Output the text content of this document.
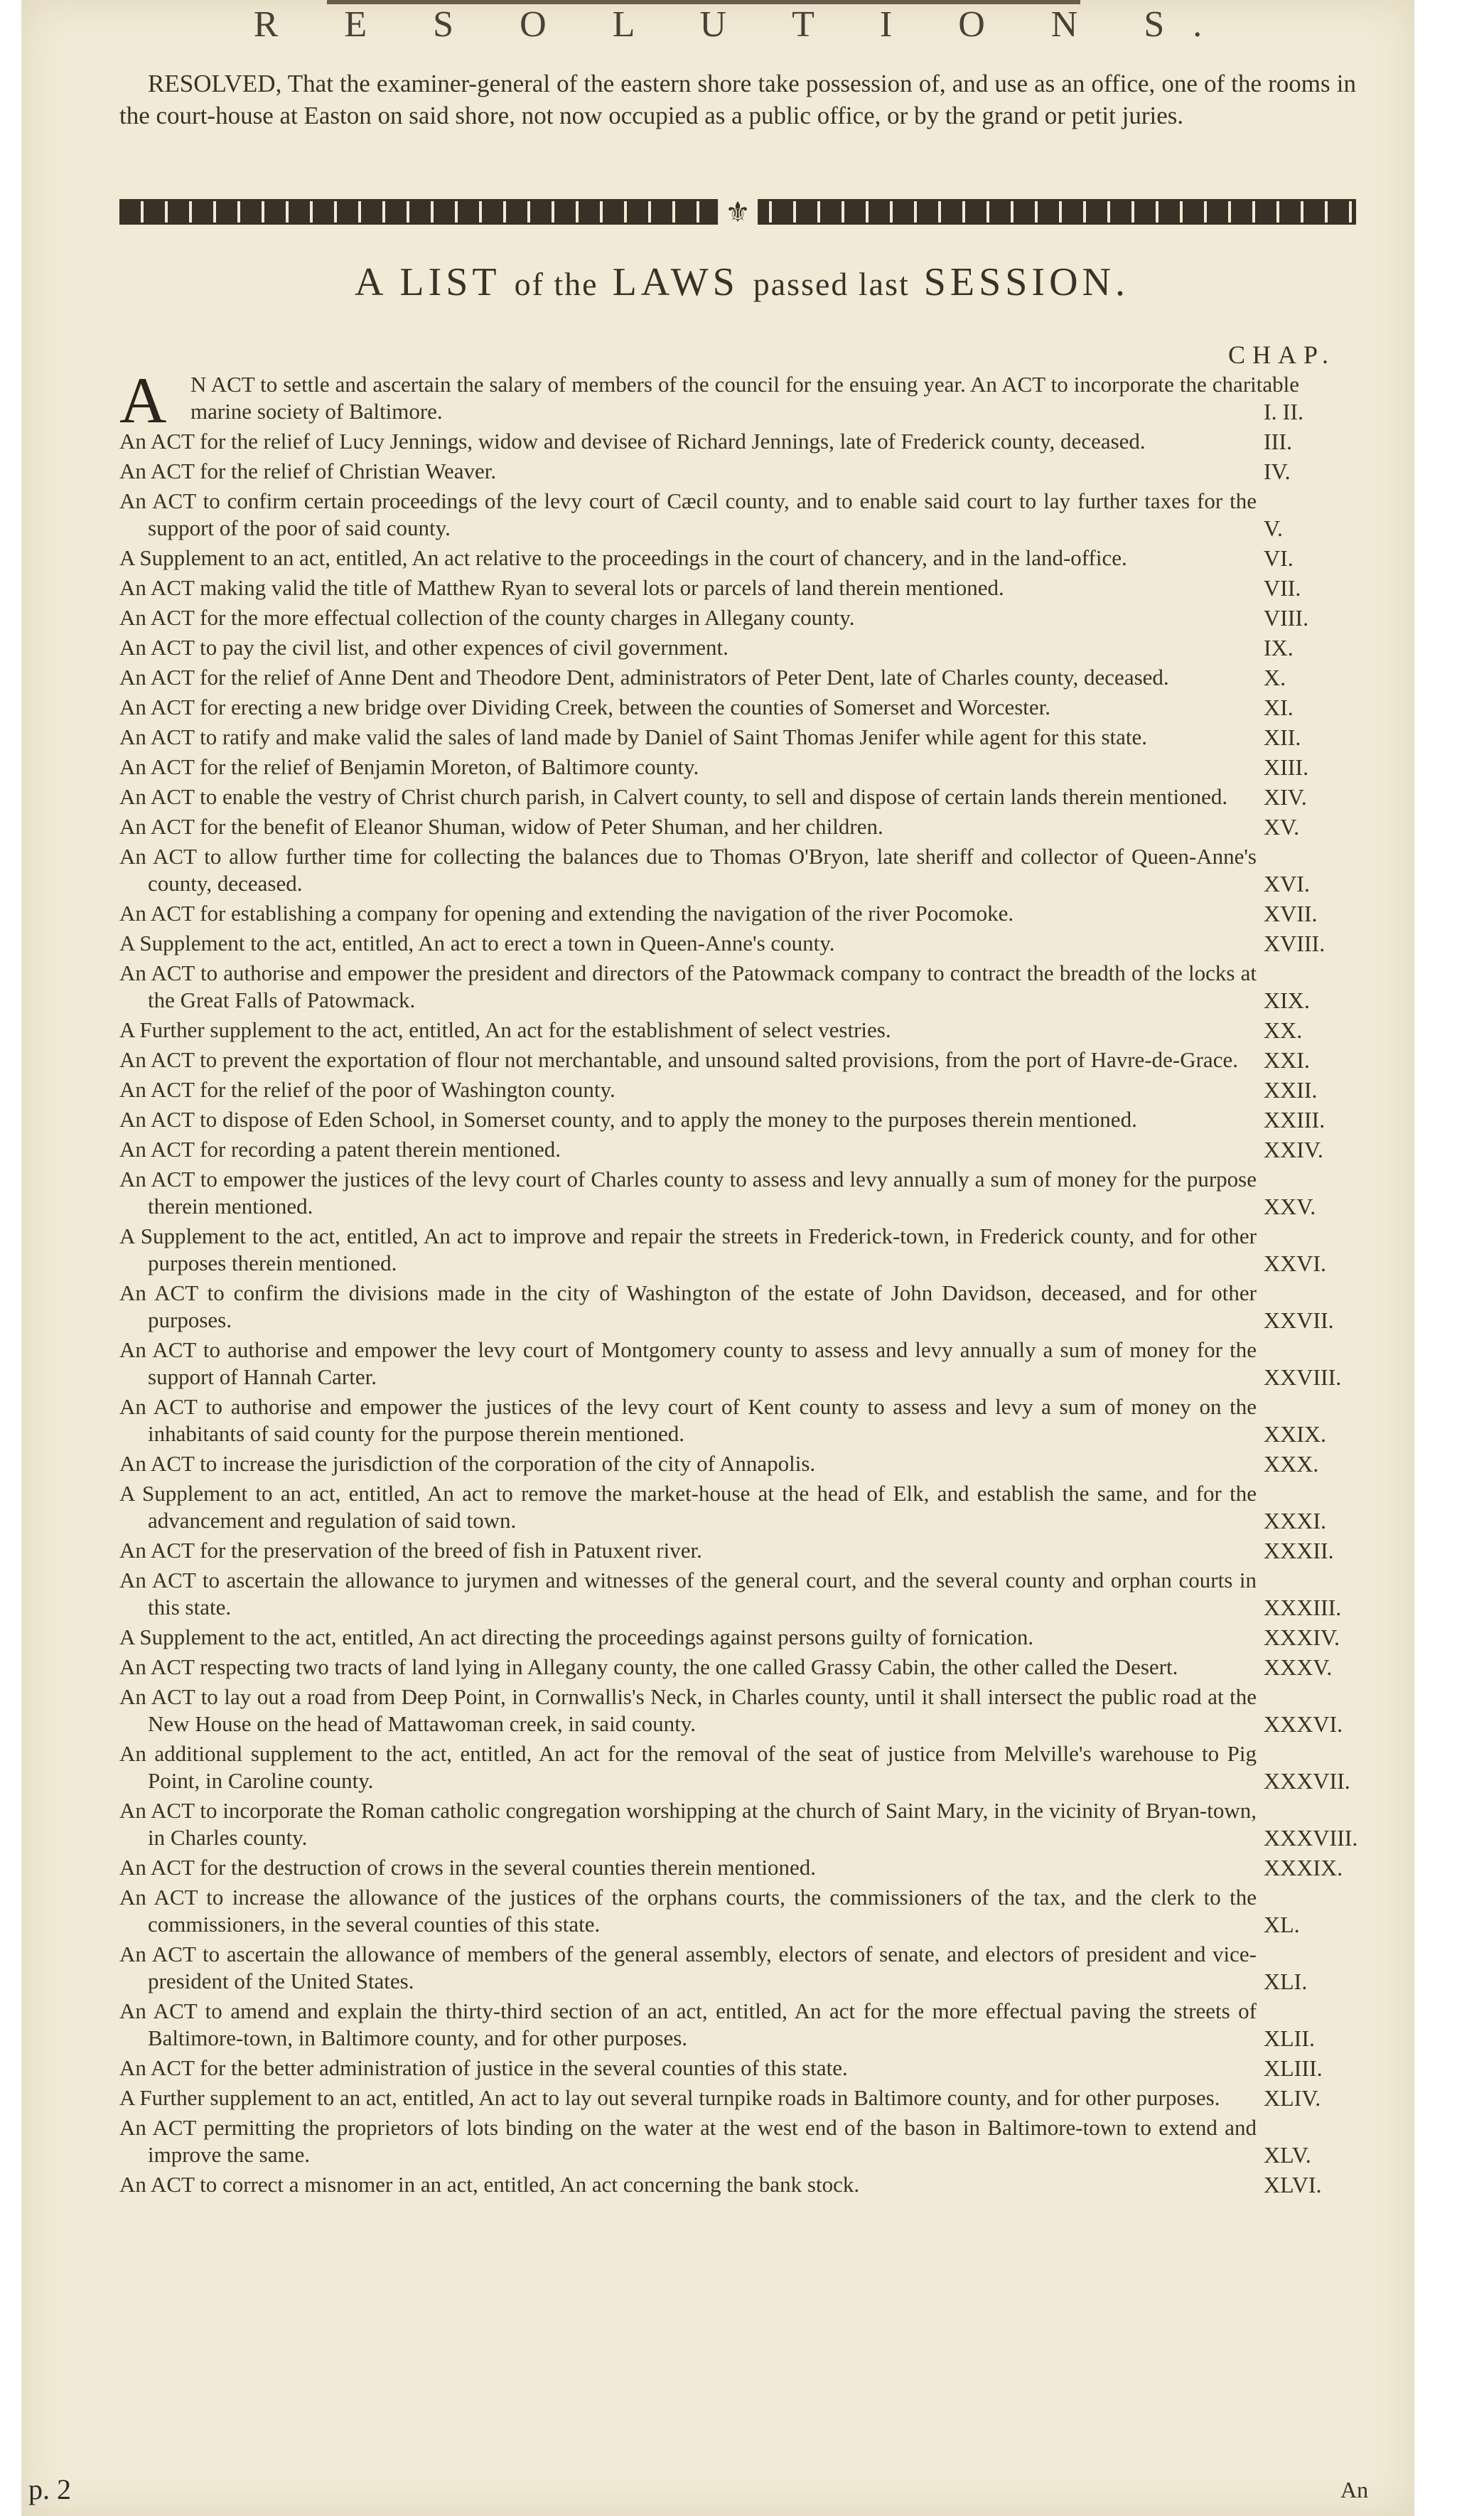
R E S O L U T I O N S.
RESOLVED, That the examiner-general of the eastern shore take possession of, and use as an office, one of the rooms in the court-house at Easton on said shore, not now occupied as a public office, or by the grand or petit juries.
⚜
A LIST of the LAWS passed last SESSION.
CHAP.
A	N ACT to settle and ascertain the salary of members of the council for the ensuing year. An ACT to incorporate the charitable marine society of Baltimore.	I. II.
An ACT for the relief of Lucy Jennings, widow and devisee of Richard Jennings, late of Frederick county, deceased.	III.
An ACT for the relief of Christian Weaver.	IV.
An ACT to confirm certain proceedings of the levy court of Cæcil county, and to enable said court to lay further taxes for the support of the poor of said county.	V.
A Supplement to an act, entitled, An act relative to the proceedings in the court of chancery, and in the land-office.	VI.
An ACT making valid the title of Matthew Ryan to several lots or parcels of land therein mentioned.	VII.
An ACT for the more effectual collection of the county charges in Allegany county.	VIII.
An ACT to pay the civil list, and other expences of civil government.	IX.
An ACT for the relief of Anne Dent and Theodore Dent, administrators of Peter Dent, late of Charles county, deceased.	X.
An ACT for erecting a new bridge over Dividing Creek, between the counties of Somerset and Worcester.	XI.
An ACT to ratify and make valid the sales of land made by Daniel of Saint Thomas Jenifer while agent for this state.	XII.
An ACT for the relief of Benjamin Moreton, of Baltimore county.	XIII.
An ACT to enable the vestry of Christ church parish, in Calvert county, to sell and dispose of certain lands therein mentioned.	XIV.
An ACT for the benefit of Eleanor Shuman, widow of Peter Shuman, and her children.	XV.
An ACT to allow further time for collecting the balances due to Thomas O'Bryon, late sheriff and collector of Queen-Anne's county, deceased.	XVI.
An ACT for establishing a company for opening and extending the navigation of the river Pocomoke.	XVII.
A Supplement to the act, entitled, An act to erect a town in Queen-Anne's county.	XVIII.
An ACT to authorise and empower the president and directors of the Patowmack company to contract the breadth of the locks at the Great Falls of Patowmack.	XIX.
A Further supplement to the act, entitled, An act for the establishment of select vestries.	XX.
An ACT to prevent the exportation of flour not merchantable, and unsound salted provisions, from the port of Havre-de-Grace.	XXI.
An ACT for the relief of the poor of Washington county.	XXII.
An ACT to dispose of Eden School, in Somerset county, and to apply the money to the purposes therein mentioned.	XXIII.
An ACT for recording a patent therein mentioned.	XXIV.
An ACT to empower the justices of the levy court of Charles county to assess and levy annually a sum of money for the purpose therein mentioned.	XXV.
A Supplement to the act, entitled, An act to improve and repair the streets in Frederick-town, in Frederick county, and for other purposes therein mentioned.	XXVI.
An ACT to confirm the divisions made in the city of Washington of the estate of John Davidson, deceased, and for other purposes.	XXVII.
An ACT to authorise and empower the levy court of Montgomery county to assess and levy annually a sum of money for the support of Hannah Carter.	XXVIII.
An ACT to authorise and empower the justices of the levy court of Kent county to assess and levy a sum of money on the inhabitants of said county for the purpose therein mentioned.	XXIX.
An ACT to increase the jurisdiction of the corporation of the city of Annapolis.	XXX.
A Supplement to an act, entitled, An act to remove the market-house at the head of Elk, and establish the same, and for the advancement and regulation of said town.	XXXI.
An ACT for the preservation of the breed of fish in Patuxent river.	XXXII.
An ACT to ascertain the allowance to jurymen and witnesses of the general court, and the several county and orphan courts in this state.	XXXIII.
A Supplement to the act, entitled, An act directing the proceedings against persons guilty of fornication.	XXXIV.
An ACT respecting two tracts of land lying in Allegany county, the one called Grassy Cabin, the other called the Desert.	XXXV.
An ACT to lay out a road from Deep Point, in Cornwallis's Neck, in Charles county, until it shall intersect the public road at the New House on the head of Mattawoman creek, in said county.	XXXVI.
An additional supplement to the act, entitled, An act for the removal of the seat of justice from Melville's warehouse to Pig Point, in Caroline county.	XXXVII.
An ACT to incorporate the Roman catholic congregation worshipping at the church of Saint Mary, in the vicinity of Bryan-town, in Charles county.	XXXVIII.
An ACT for the destruction of crows in the several counties therein mentioned.	XXXIX.
An ACT to increase the allowance of the justices of the orphans courts, the commissioners of the tax, and the clerk to the commissioners, in the several counties of this state.	XL.
An ACT to ascertain the allowance of members of the general assembly, electors of senate, and electors of president and vice-president of the United States.	XLI.
An ACT to amend and explain the thirty-third section of an act, entitled, An act for the more effectual paving the streets of Baltimore-town, in Baltimore county, and for other purposes.	XLII.
An ACT for the better administration of justice in the several counties of this state.	XLIII.
A Further supplement to an act, entitled, An act to lay out several turnpike roads in Baltimore county, and for other purposes.	XLIV.
An ACT permitting the proprietors of lots binding on the water at the west end of the bason in Baltimore-town to extend and improve the same.	XLV.
An ACT to correct a misnomer in an act, entitled, An act concerning the bank stock.	XLVI.
p. 2	An
